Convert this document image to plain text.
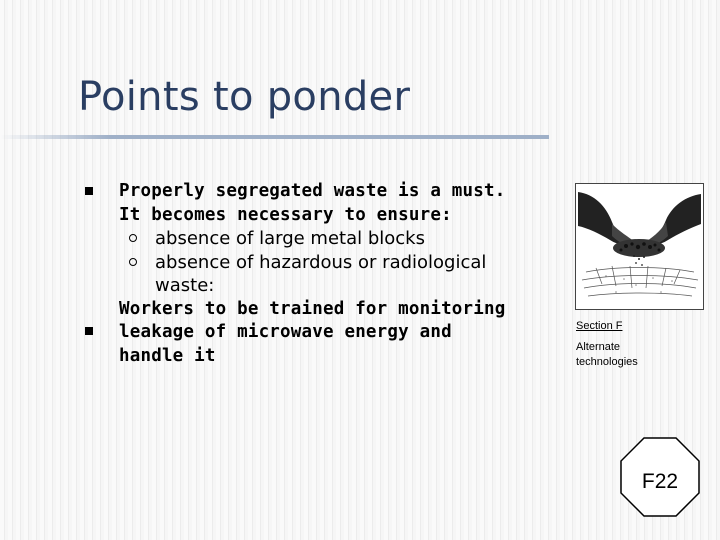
Points to ponder
Properly segregated waste is a must.
It becomes necessary to ensure:
absence of large metal blocks
absence of hazardous or radiological
waste:
Workers to be trained for monitoring
leakage of microwave energy and
handle it
Section F
Alternate
technologies
F22
